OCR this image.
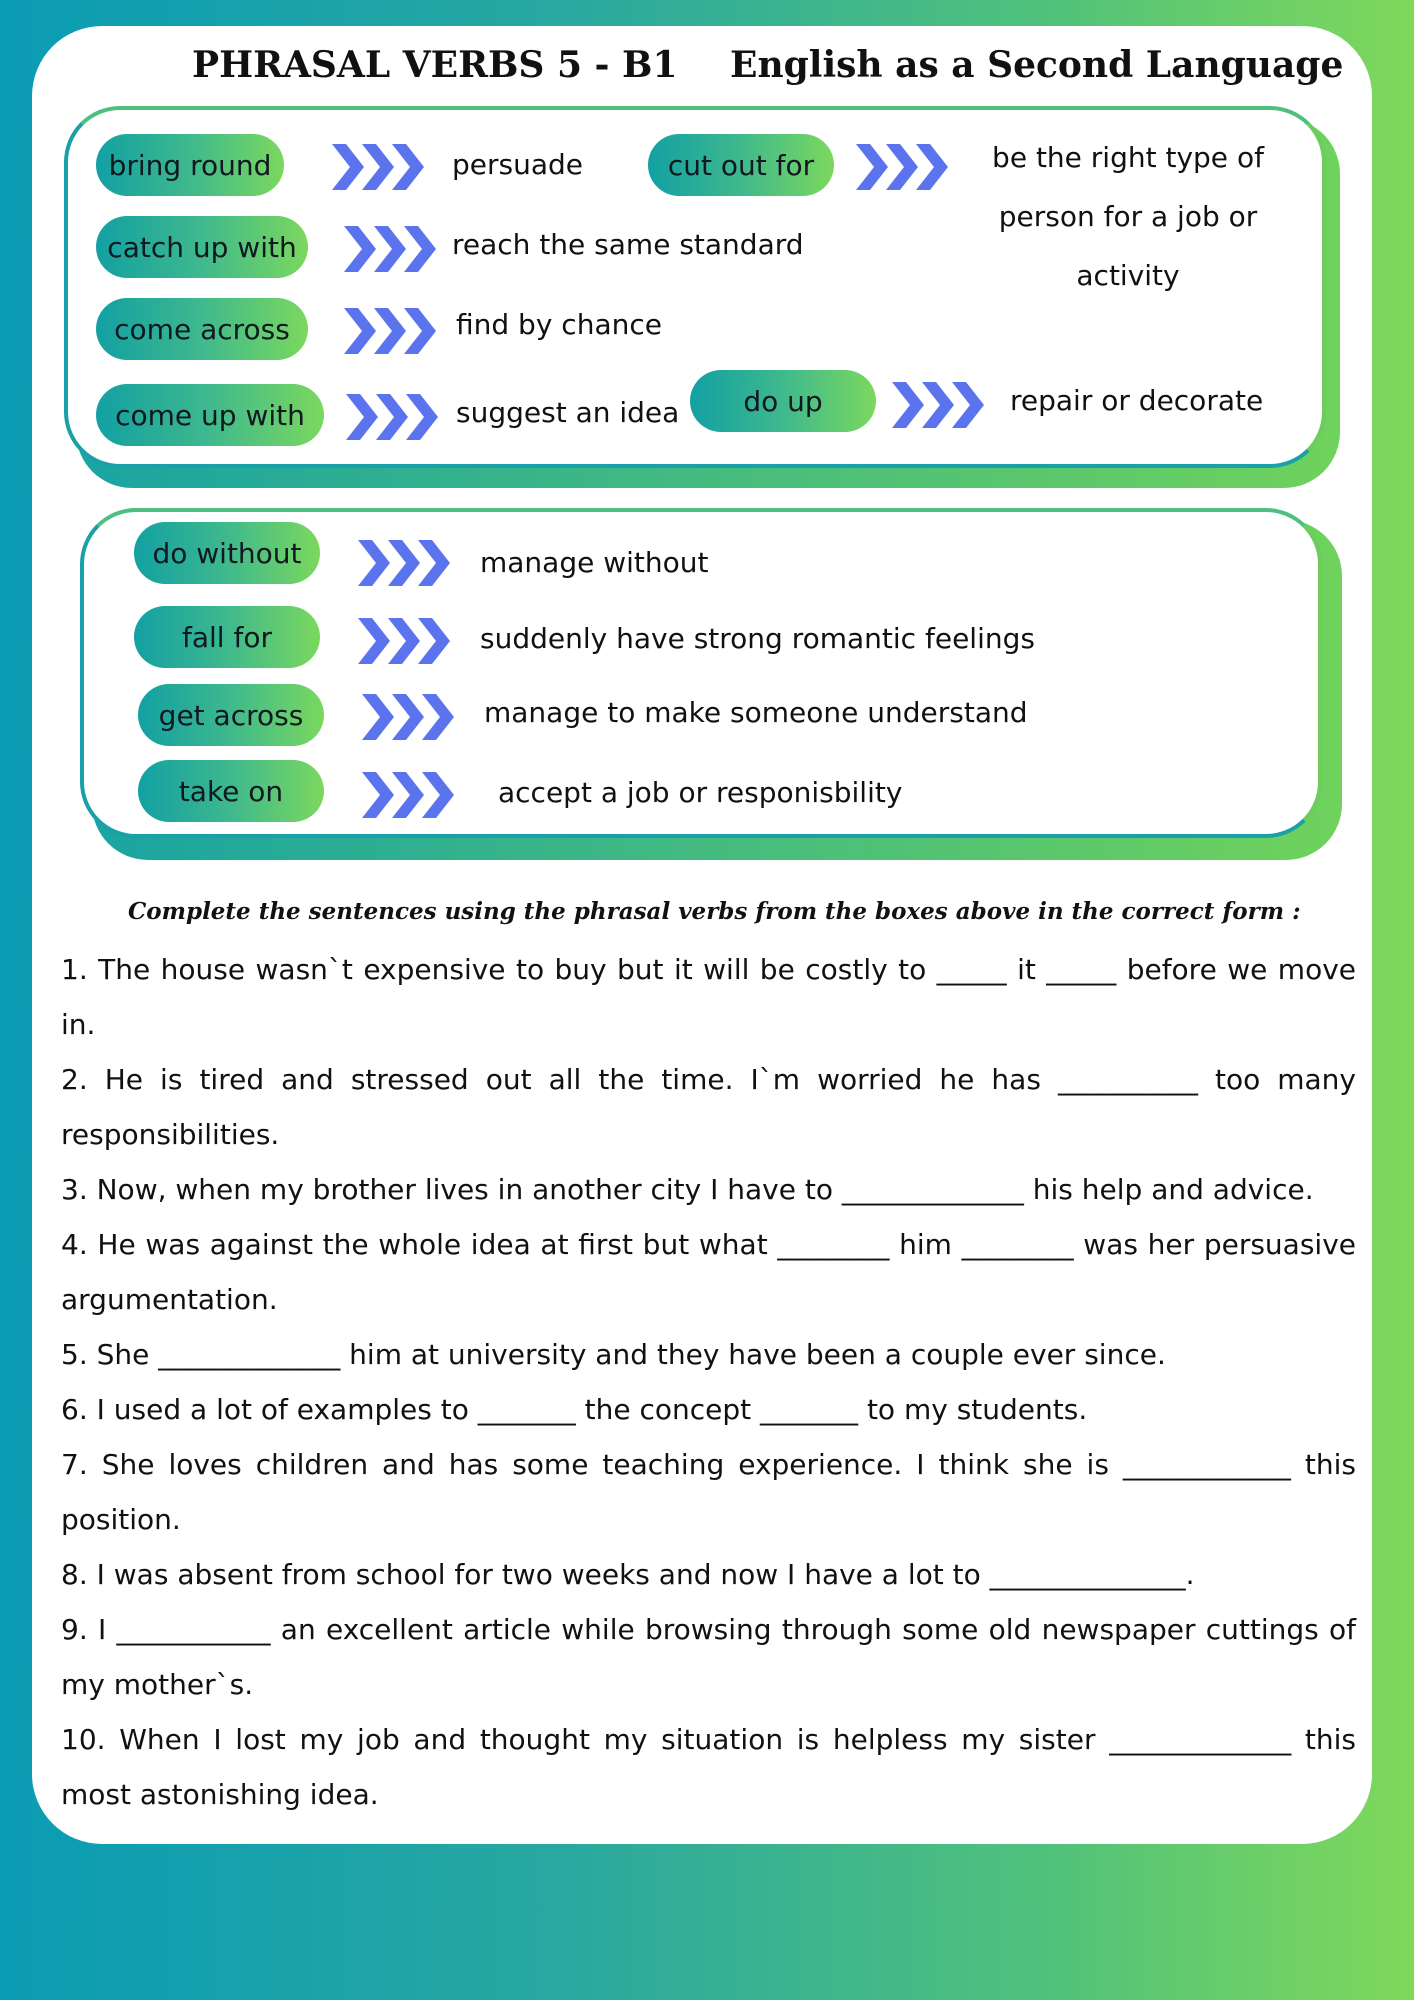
PHRASAL VERBS 5 - B1 English as a Second Language
bring round	persuade	cut out for	be the right type of
person for a job or
activity
catch up with	reach the same standard
come across	find by chance
come up with	suggest an idea	do up	repair or decorate
do without	manage without
fall for	suddenly have strong romantic feelings
get across	manage to make someone understand
take on	accept a job or responisbility
Complete the sentences using the phrasal verbs from the boxes above in the correct form :

1. The house wasn`t expensive to buy but it will be costly to _____ it _____ before we move in.

2. He is tired and stressed out all the time. I`m worried he has __________ too many responsibilities.

3. Now, when my brother lives in another city I have to _____________ his help and advice.

4. He was against the whole idea at first but what ________ him ________ was her persuasive argumentation.

5. She _____________ him at university and they have been a couple ever since.

6. I used a lot of examples to _______ the concept _______ to my students.

7. She loves children and has some teaching experience. I think she is ____________ this position.

8. I was absent from school for two weeks and now I have a lot to ______________.

9. I ___________ an excellent article while browsing through some old newspaper cuttings of my mother`s.

10. When I lost my job and thought my situation is helpless my sister _____________ this most astonishing idea.
